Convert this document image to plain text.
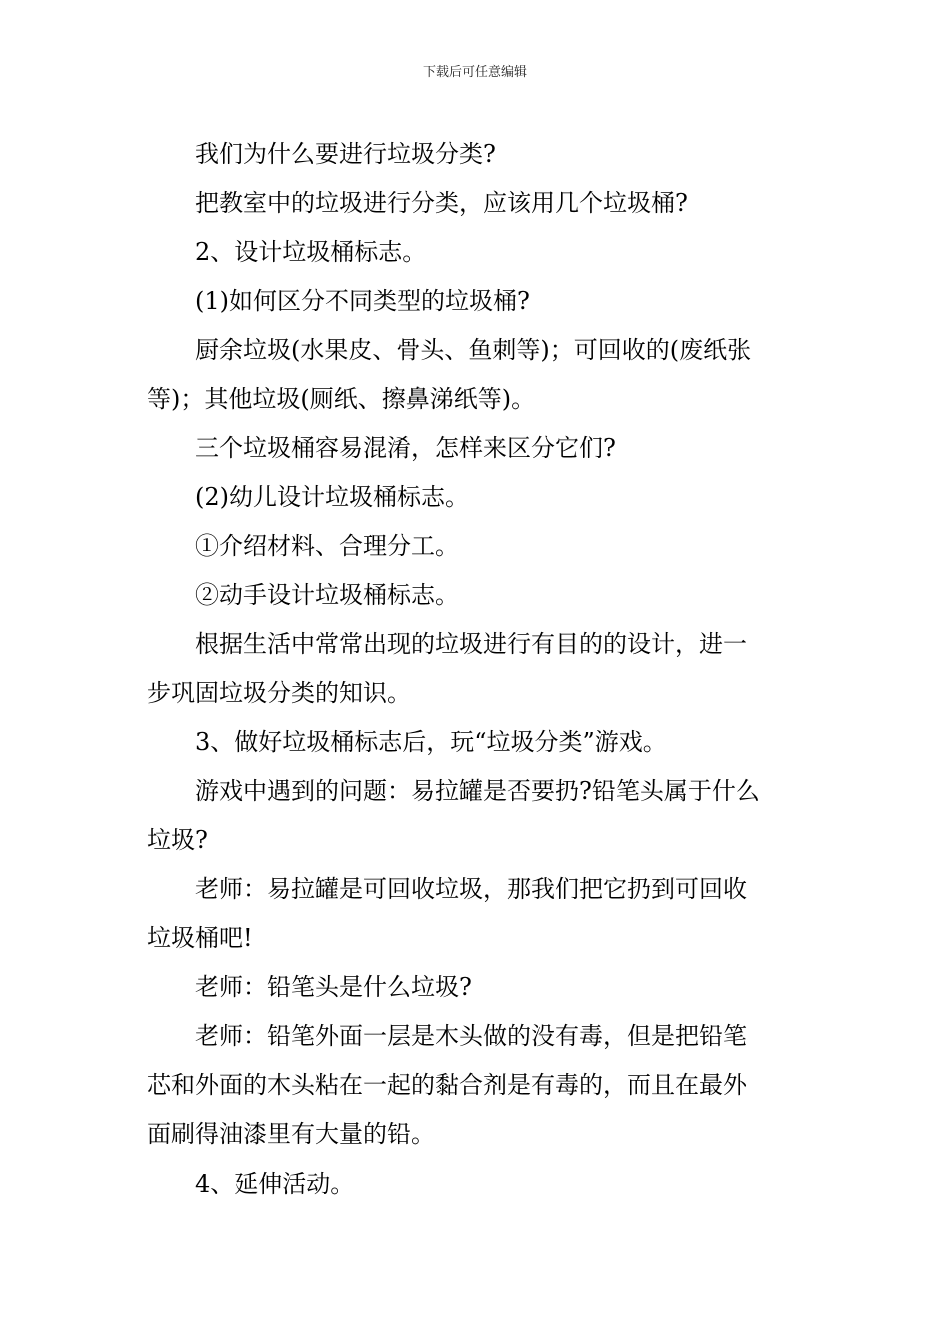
下载后可任意编辑
我们为什么要进行垃圾分类?
把教室中的垃圾进行分类，应该用几个垃圾桶?
2、设计垃圾桶标志。
(1)如何区分不同类型的垃圾桶?
厨余垃圾(水果皮、骨头、鱼刺等)；可回收的(废纸张
等)；其他垃圾(厕纸、擦鼻涕纸等)。
三个垃圾桶容易混淆，怎样来区分它们?
(2)幼儿设计垃圾桶标志。
①介绍材料、合理分工。
②动手设计垃圾桶标志。
根据生活中常常出现的垃圾进行有目的的设计，进一
步巩固垃圾分类的知识。
3、做好垃圾桶标志后，玩“垃圾分类”游戏。
游戏中遇到的问题：易拉罐是否要扔?铅笔头属于什么
垃圾?
老师：易拉罐是可回收垃圾，那我们把它扔到可回收
垃圾桶吧!
老师：铅笔头是什么垃圾?
老师：铅笔外面一层是木头做的没有毒，但是把铅笔
芯和外面的木头粘在一起的黏合剂是有毒的，而且在最外
面刷得油漆里有大量的铅。
4、延伸活动。
